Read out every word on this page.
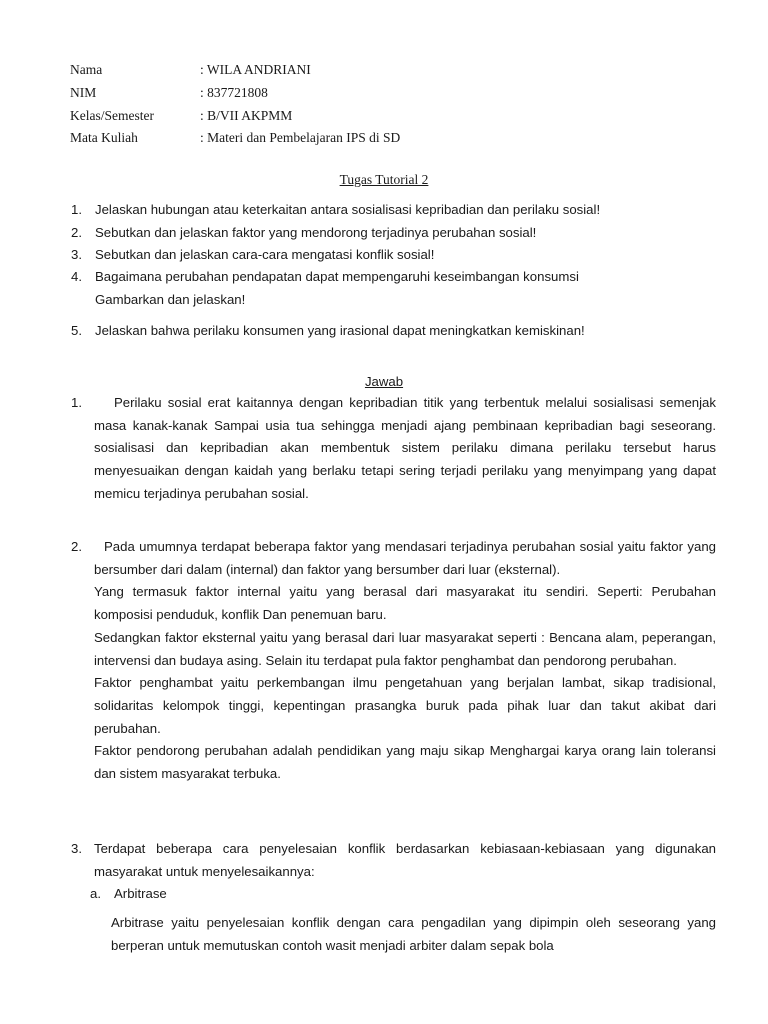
Nama	: WILA ANDRIANI
NIM	: 837721808
Kelas/Semester	: B/VII AKPMM
Mata Kuliah	: Materi dan Pembelajaran IPS di SD
Tugas Tutorial 2
1. Jelaskan hubungan atau keterkaitan antara sosialisasi kepribadian dan perilaku sosial!
2. Sebutkan dan jelaskan faktor yang mendorong terjadinya perubahan sosial!
3. Sebutkan dan jelaskan cara-cara mengatasi konflik sosial!
4. Bagaimana perubahan pendapatan dapat mempengaruhi keseimbangan konsumsi
Gambarkan dan jelaskan!
5. Jelaskan bahwa perilaku konsumen yang irasional dapat meningkatkan kemiskinan!
Jawab
1.	Perilaku sosial erat kaitannya dengan kepribadian titik yang terbentuk melalui sosialisasi semenjak masa kanak-kanak Sampai usia tua sehingga menjadi ajang pembinaan kepribadian bagi seseorang. sosialisasi dan kepribadian akan membentuk sistem perilaku dimana perilaku tersebut harus menyesuaikan dengan kaidah yang berlaku tetapi sering terjadi perilaku yang menyimpang yang dapat memicu terjadinya perubahan sosial.
2.	Pada umumnya terdapat beberapa faktor yang mendasari terjadinya perubahan sosial yaitu faktor yang bersumber dari dalam (internal) dan faktor yang bersumber dari luar (eksternal).

Yang termasuk faktor internal yaitu yang berasal dari masyarakat itu sendiri. Seperti: Perubahan komposisi penduduk, konflik Dan penemuan baru.

Sedangkan faktor eksternal yaitu yang berasal dari luar masyarakat seperti : Bencana alam, peperangan, intervensi dan budaya asing. Selain itu terdapat pula faktor penghambat dan pendorong perubahan.

Faktor penghambat yaitu perkembangan ilmu pengetahuan yang berjalan lambat, sikap tradisional, solidaritas kelompok tinggi, kepentingan prasangka buruk pada pihak luar dan takut akibat dari perubahan.

Faktor pendorong perubahan adalah pendidikan yang maju sikap Menghargai karya orang lain toleransi dan sistem masyarakat terbuka.

3. Terdapat beberapa cara penyelesaian konflik berdasarkan kebiasaan-kebiasaan yang digunakan masyarakat untuk menyelesaikannya:
a. Arbitrase
Arbitrase yaitu penyelesaian konflik dengan cara pengadilan yang dipimpin oleh seseorang yang berperan untuk memutuskan contoh wasit menjadi arbiter dalam sepak bola
